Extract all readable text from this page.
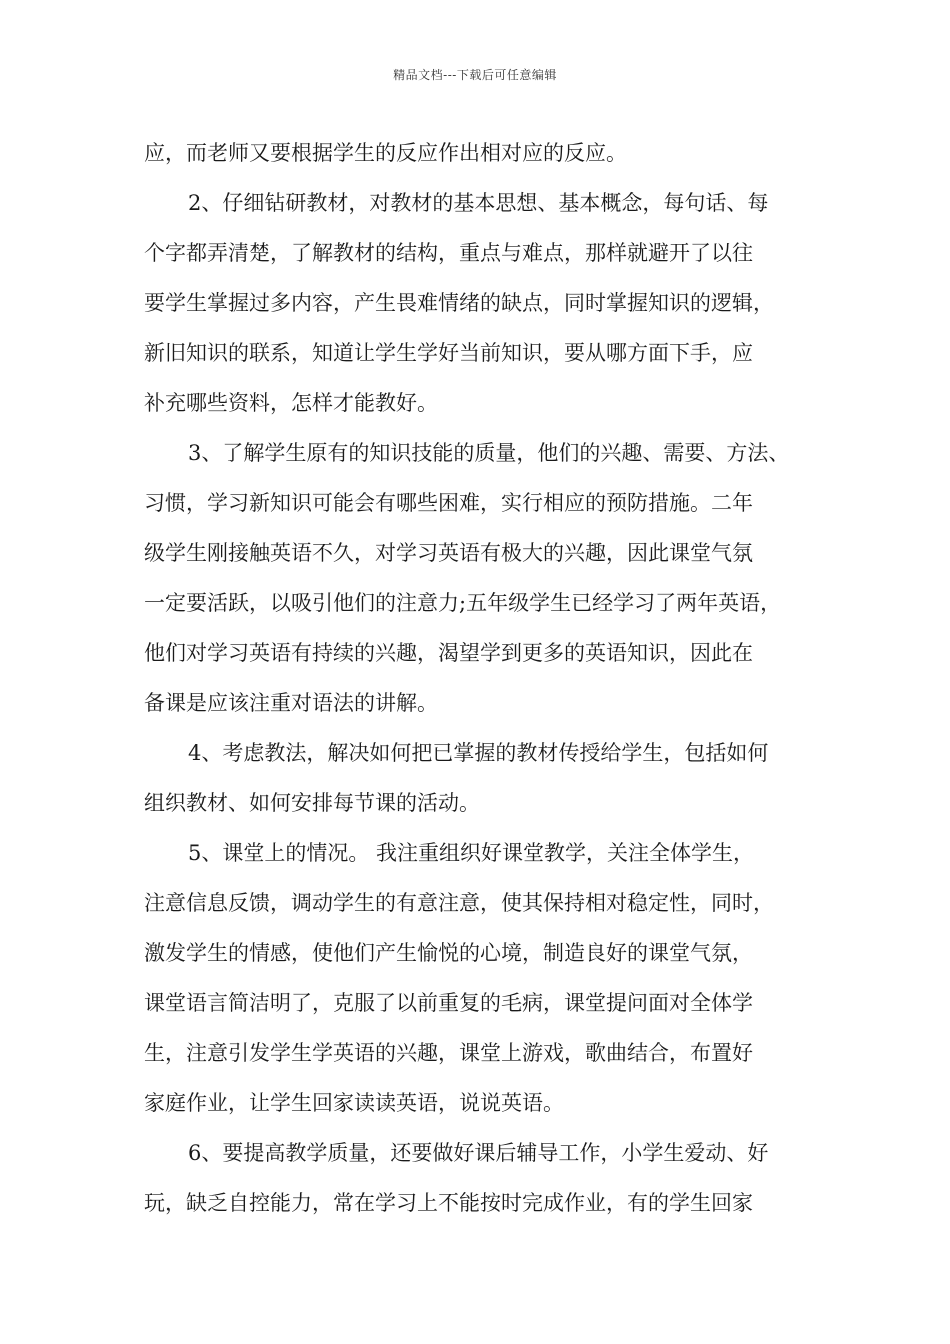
精品文档---下载后可任意编辑
应，而老师又要根据学生的反应作出相对应的反应。
2、仔细钻研教材，对教材的基本思想、基本概念，每句话、每
个字都弄清楚，了解教材的结构，重点与难点，那样就避开了以往
要学生掌握过多内容，产生畏难情绪的缺点，同时掌握知识的逻辑，
新旧知识的联系，知道让学生学好当前知识，要从哪方面下手，应
补充哪些资料，怎样才能教好。
3、了解学生原有的知识技能的质量，他们的兴趣、需要、方法、
习惯，学习新知识可能会有哪些困难，实行相应的预防措施。二年
级学生刚接触英语不久，对学习英语有极大的兴趣，因此课堂气氛
一定要活跃，以吸引他们的注意力;五年级学生已经学习了两年英语，
他们对学习英语有持续的兴趣，渴望学到更多的英语知识，因此在
备课是应该注重对语法的讲解。
4、考虑教法，解决如何把已掌握的教材传授给学生，包括如何
组织教材、如何安排每节课的活动。
5、课堂上的情况。 我注重组织好课堂教学，关注全体学生，
注意信息反馈，调动学生的有意注意，使其保持相对稳定性，同时，
激发学生的情感，使他们产生愉悦的心境，制造良好的课堂气氛，
课堂语言简洁明了，克服了以前重复的毛病，课堂提问面对全体学
生，注意引发学生学英语的兴趣，课堂上游戏，歌曲结合，布置好
家庭作业，让学生回家读读英语，说说英语。
6、要提高教学质量，还要做好课后辅导工作，小学生爱动、好
玩，缺乏自控能力，常在学习上不能按时完成作业，有的学生回家
